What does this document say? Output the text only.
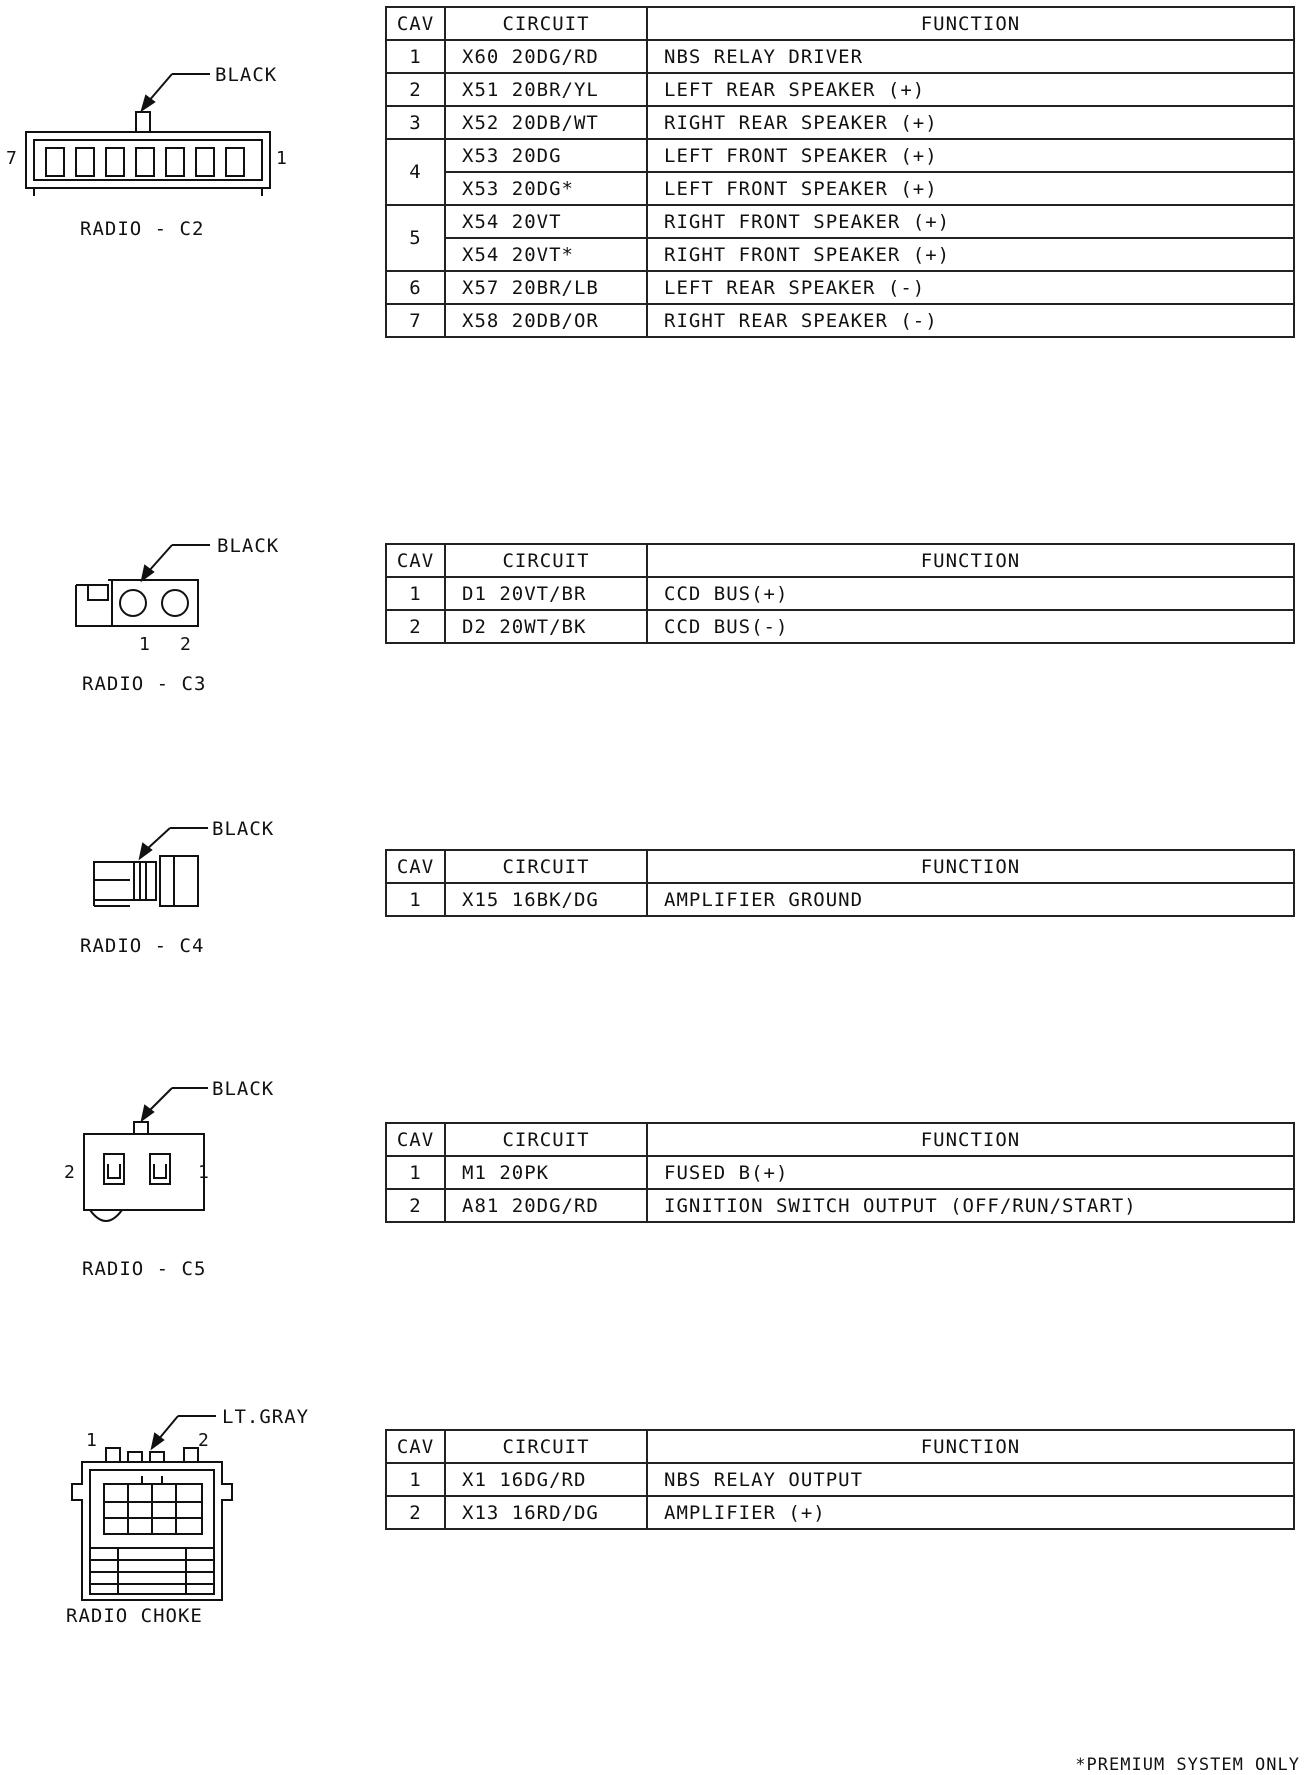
BLACK
7	1
RADIO - C2
CAV	CIRCUIT	FUNCTION
1	X60 20DG/RD	NBS RELAY DRIVER
2	X51 20BR/YL	LEFT REAR SPEAKER (+)
3	X52 20DB/WT	RIGHT REAR SPEAKER (+)
4	X53 20DG	LEFT FRONT SPEAKER (+)
	X53 20DG*	LEFT FRONT SPEAKER (+)
5	X54 20VT	RIGHT FRONT SPEAKER (+)
	X54 20VT*	RIGHT FRONT SPEAKER (+)
6	X57 20BR/LB	LEFT REAR SPEAKER (-)
7	X58 20DB/OR	RIGHT REAR SPEAKER (-)
BLACK
1 2
RADIO - C3
CAV	CIRCUIT	FUNCTION
1	D1 20VT/BR	CCD BUS(+)
2	D2 20WT/BK	CCD BUS(-)
BLACK
RADIO - C4
CAV	CIRCUIT	FUNCTION
1	X15 16BK/DG	AMPLIFIER GROUND
BLACK
2	1
RADIO - C5
CAV	CIRCUIT	FUNCTION
1	M1 20PK	FUSED B(+)
2	A81 20DG/RD	IGNITION SWITCH OUTPUT (OFF/RUN/START)
LT.GRAY
1	2
RADIO CHOKE
CAV	CIRCUIT	FUNCTION
1	X1 16DG/RD	NBS RELAY OUTPUT
2	X13 16RD/DG	AMPLIFIER (+)
*PREMIUM SYSTEM ONLY
